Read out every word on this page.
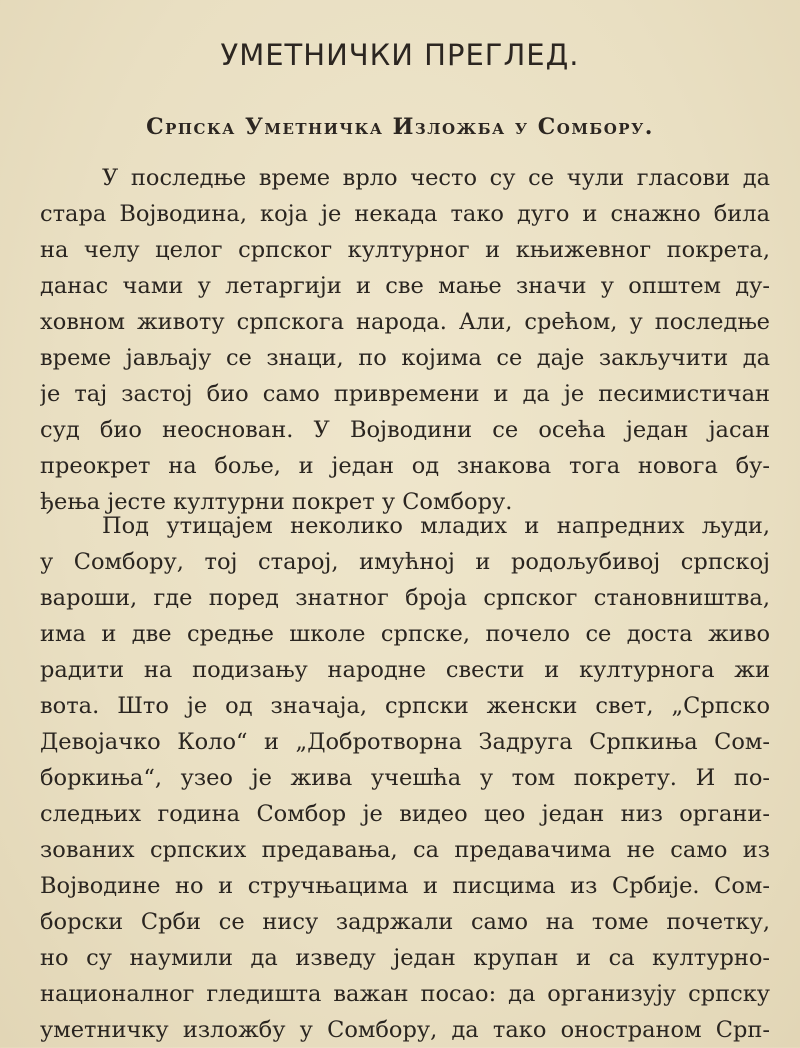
УМЕТНИЧКИ ПРЕГЛЕД.
Српска Уметничка Изложба у Сомбору.
У последње време врло често су се чули гласови да
стара Војводина, која је некада тако дуго и снажно била
на челу целог српског културног и књижевног покрета,
данас чами у летаргији и све мање значи у општем ду-
ховном животу српскога народа. Али, срећом, у последње
време јављају се знаци, по којима се даје закључити да
је тај застој био само привремени и да је песимистичан
суд био неоснован. У Војводини се осећа један јасан
преокрет на боље, и један од знакова тога новога бу-
ђења јесте културни покрет у Сомбору.
Под утицајем неколико младих и напредних људи,
у Сомбору, тој старој, имућној и родољубивој српској
вароши, где поред знатног броја српског становништва,
има и две средње школе српске, почело се доста живо
радити на подизању народне свести и културнога жи
вота. Што је од значаја, српски женски свет, „Српско
Девојачко Коло“ и „Добротворна Задруга Српкиња Сом-
боркиња“, узео је жива учешћа у том покрету. И по-
следњих година Сомбор је видео цео један низ органи-
зованих српских предавања, са предавачима не само из
Војводине но и стручњацима и писцима из Србије. Сом-
борски Срби се нису задржали само на томе почетку,
но су наумили да изведу један крупан и са културно-
националног гледишта важан посао: да организују српску
уметничку изложбу у Сомбору, да тако оностраном Срп-
